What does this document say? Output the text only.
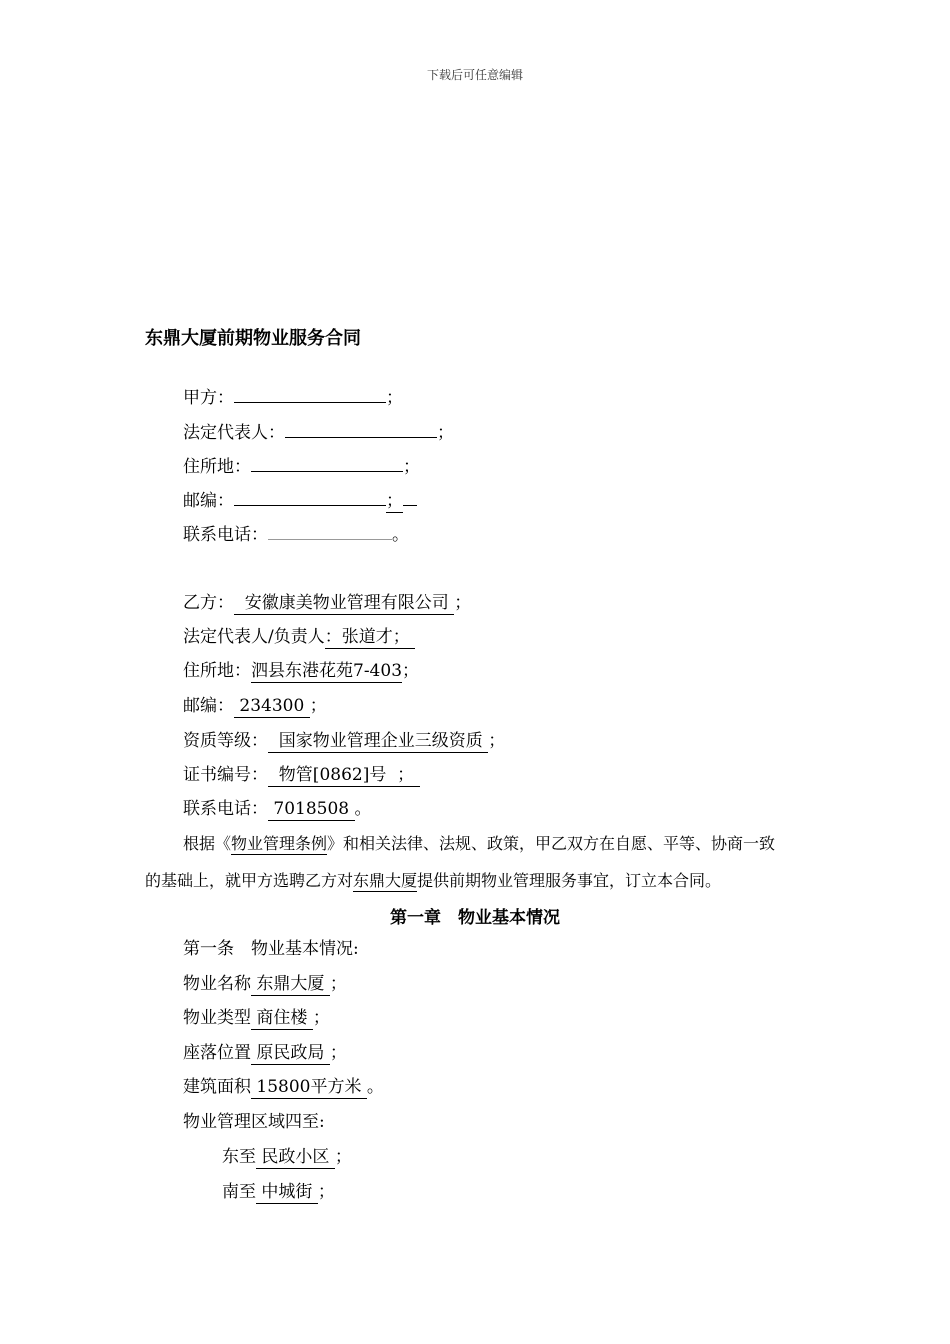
下载后可任意编辑
东鼎大厦前期物业服务合同
甲方：	；
法定代表人：	；
住所地：	；
邮编：	；
联系电话：	。
乙方：  安徽康美物业管理有限公司 ；
法定代表人/负责人：张道才；
住所地：泗县东港花苑7-403；
邮编： 234300 ；
资质等级：  国家物业管理企业三级资质 ；
证书编号：  物管[0862]号  ；
联系电话： 7018508 。
根据《物业管理条例》和相关法律、法规、政策，甲乙双方在自愿、平等、协商一致
的基础上，就甲方选聘乙方对东鼎大厦提供前期物业管理服务事宜，订立本合同。
第一章　物业基本情况
第一条　物业基本情况:
物业名称 东鼎大厦 ；
物业类型 商住楼 ；
座落位置 原民政局 ；
建筑面积 15800平方米 。
物业管理区域四至:
东至 民政小区 ；
南至 中城街 ；
